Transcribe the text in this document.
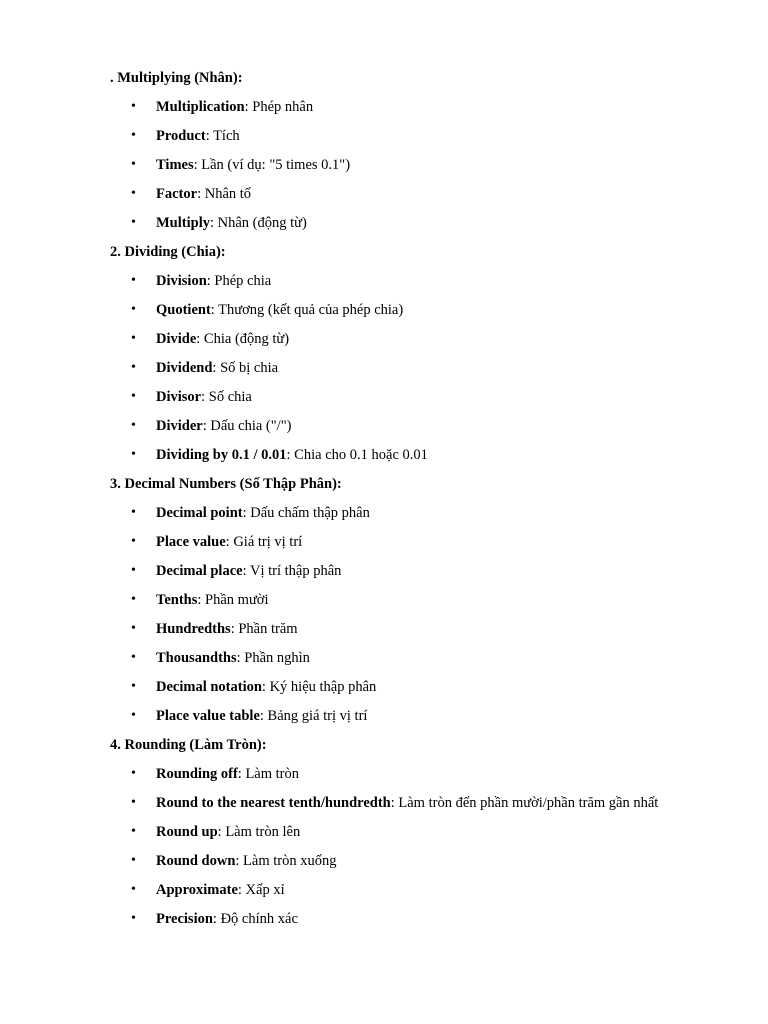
. Multiplying (Nhân):
•	Multiplication: Phép nhân
•	Product: Tích
•	Times: Lần (ví dụ: "5 times 0.1")
•	Factor: Nhân tố
•	Multiply: Nhân (động từ)
2. Dividing (Chia):
•	Division: Phép chia
•	Quotient: Thương (kết quả của phép chia)
•	Divide: Chia (động từ)
•	Dividend: Số bị chia
•	Divisor: Số chia
•	Divider: Dấu chia ("/")
•	Dividing by 0.1 / 0.01: Chia cho 0.1 hoặc 0.01
3. Decimal Numbers (Số Thập Phân):
•	Decimal point: Dấu chấm thập phân
•	Place value: Giá trị vị trí
•	Decimal place: Vị trí thập phân
•	Tenths: Phần mười
•	Hundredths: Phần trăm
•	Thousandths: Phần nghìn
•	Decimal notation: Ký hiệu thập phân
•	Place value table: Bảng giá trị vị trí
4. Rounding (Làm Tròn):
•	Rounding off: Làm tròn
•	Round to the nearest tenth/hundredth: Làm tròn đến phần mười/phần trăm gần nhất
•	Round up: Làm tròn lên
•	Round down: Làm tròn xuống
•	Approximate: Xấp xỉ
•	Precision: Độ chính xác
